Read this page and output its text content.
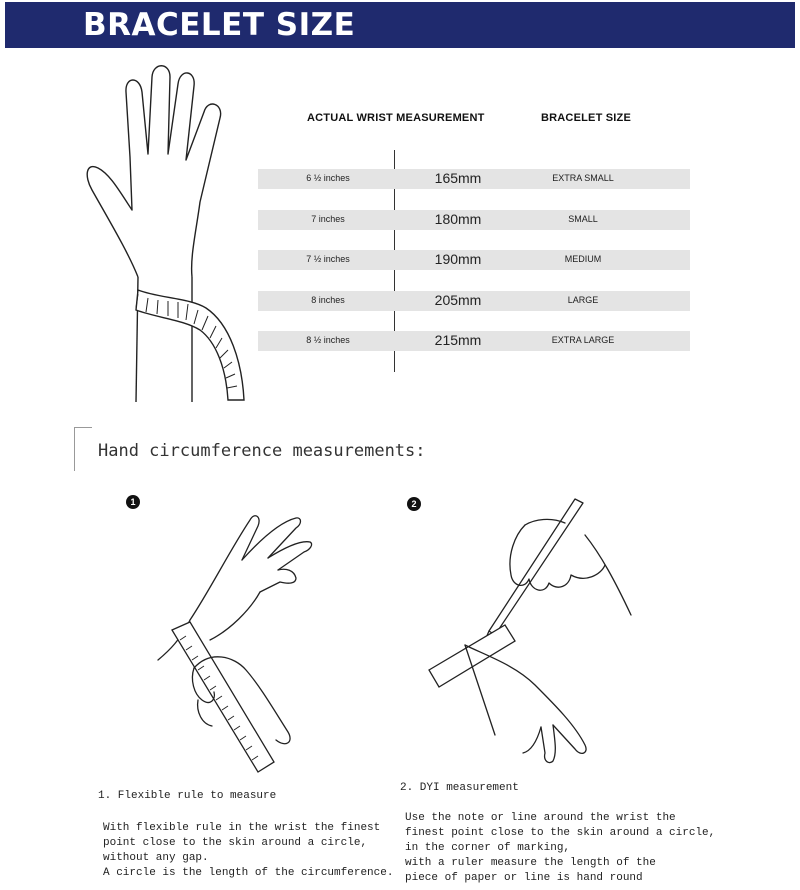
BRACELET SIZE
ACTUAL WRIST MEASUREMENT	BRACELET SIZE
6 ½ inches	165mm	EXTRA SMALL
7 inches	180mm	SMALL
7 ½ inches	190mm	MEDIUM
8 inches	205mm	LARGE
8 ½ inches	215mm	EXTRA LARGE
Hand circumference measurements:
1	2
1. Flexible rule to measure
With flexible rule in the wrist the finest
point close to the skin around a circle,
without any gap.
A circle is the length of the circumference.
2. DYI measurement
Use the note or line around the wrist the
finest point close to the skin around a circle,
in the corner of marking,
with a ruler measure the length of the
piece of paper or line is hand round
